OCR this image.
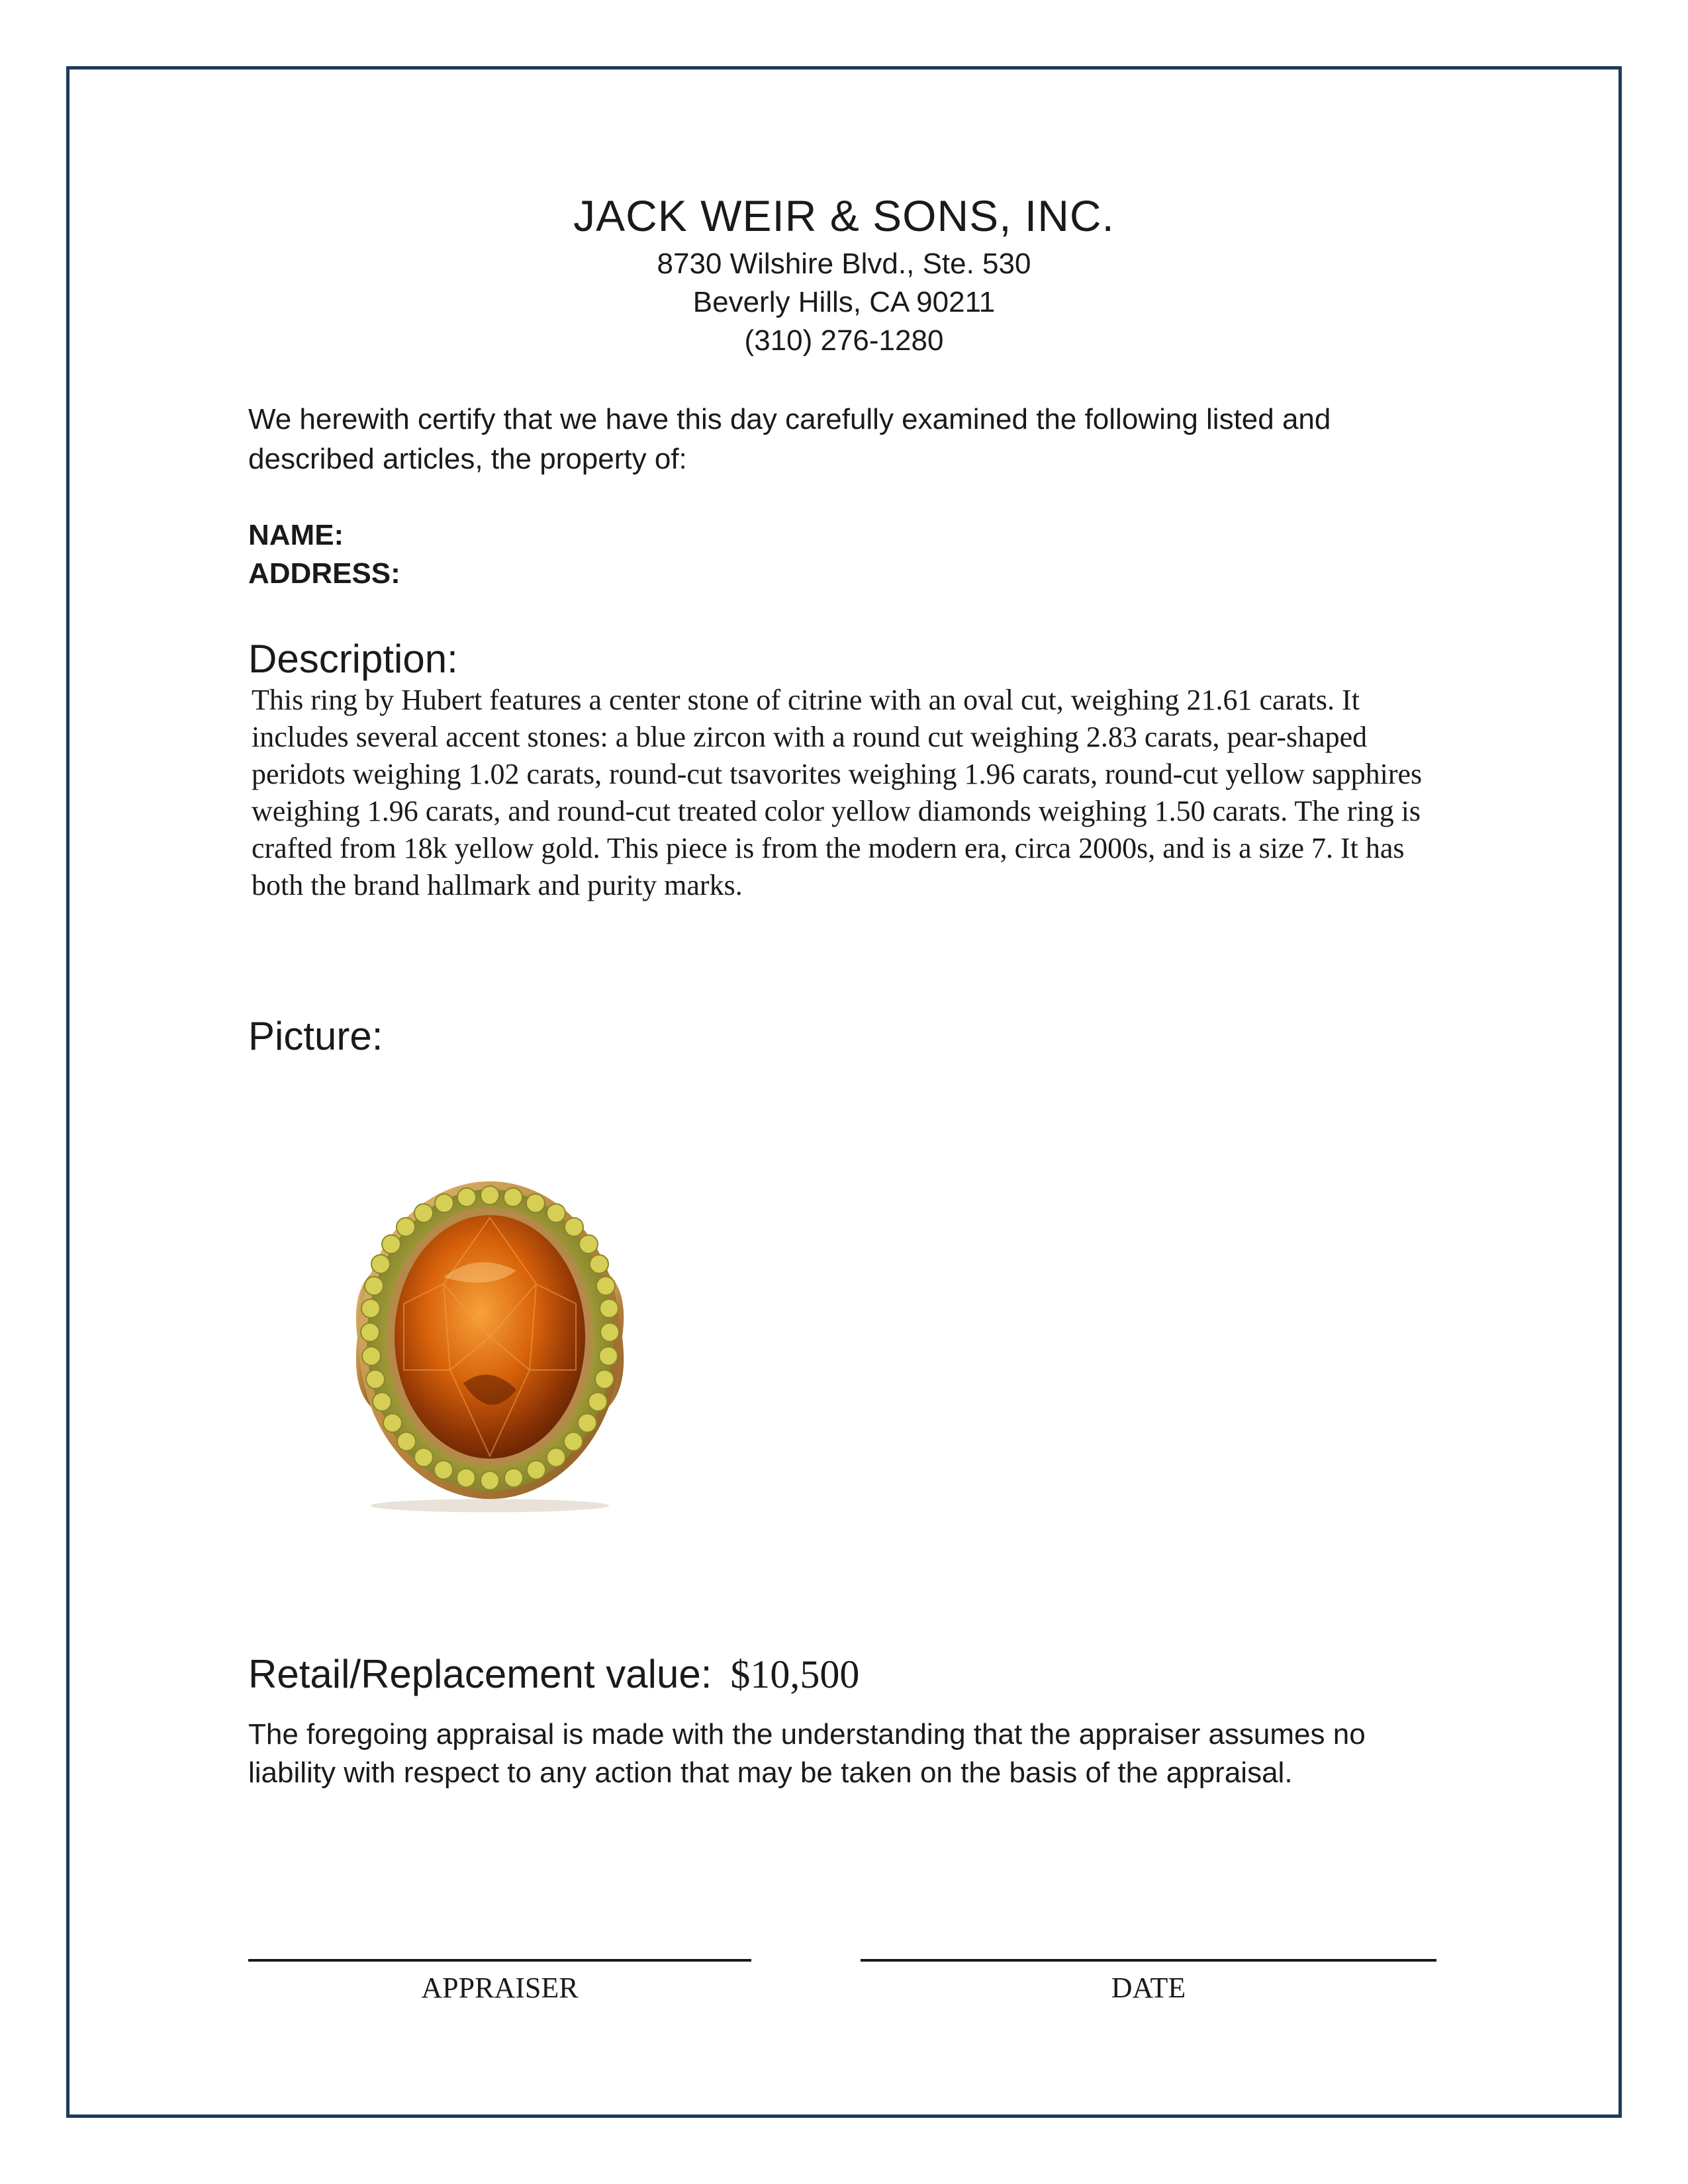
JACK WEIR & SONS, INC.
8730 Wilshire Blvd., Ste. 530
Beverly Hills, CA 90211
(310) 276-1280
We herewith certify that we have this day carefully examined the following listed and described articles, the property of:
NAME:
ADDRESS:
Description:
This ring by Hubert features a center stone of citrine with an oval cut, weighing 21.61 carats. It includes several accent stones: a blue zircon with a round cut weighing 2.83 carats, pear-shaped peridots weighing 1.02 carats, round-cut tsavorites weighing 1.96 carats, round-cut yellow sapphires weighing 1.96 carats, and round-cut treated color yellow diamonds weighing 1.50 carats. The ring is crafted from 18k yellow gold. This piece is from the modern era, circa 2000s, and is a size 7. It has both the brand hallmark and purity marks.
Picture:
Retail/Replacement value: $10,500
The foregoing appraisal is made with the understanding that the appraiser assumes no liability with respect to any action that may be taken on the basis of the appraisal.
APPRAISER	DATE
